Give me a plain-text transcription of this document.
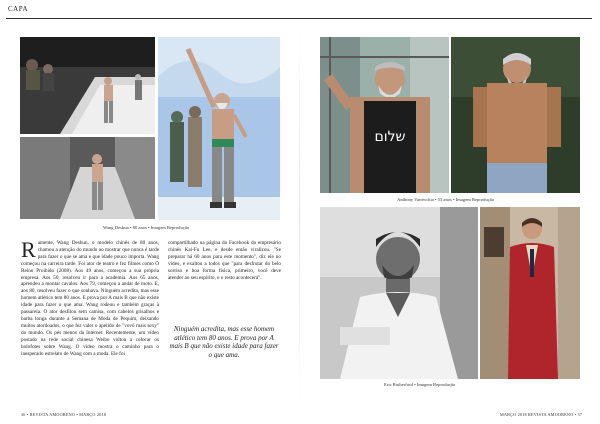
CAPA
Wang Deshun • 80 anos • Imagem Reprodução
R amente, Wang Deshun, o modelo chinês de 80 anos, chamou a atenção do mundo ao mostrar que nunca é tarde para fazer o que se ama e que idade pouco importa. Wang começou na carreira tarde. Foi ator de teatro e fez filmes como O Reino Proibido (2008). Aos 49 anos, começou a sua própria empresa. Aos 50, resolveu ir para a academia. Aos 65 anos, aprendeu a montar cavalos. Aos 79, começou a andar de moto. E, aos 80, resolveu fazer o que sonhava. Ninguém acredita, mas esse homem atlético tem 80 anos. E prova por A mais B que não existe idade para fazer o que ama. Wang rodeou e também graças à passarela. O ator desfilou sem camisa, com cabelos grisalhos e barba longa durante a Semana de Moda de Pequim, deixando muitos atordoados, o que fez valer o apelido de "vovô mais sexy" do mundo. Os pés menos da Internet. Recentemente, um vídeo postado na rede social chinesa Weibo voltou a colocar os holofotes sobre Wang. O vídeo mostra o caminho para o inesperado estrelato de Wang com a moda. Ele foi
compartilhado na página do Facebook do empresário chinês Kai-Fu Lee, e desde então viralizou. "Se preparar há 60 anos para este momento", diz ele no vídeo, e exaltou a todos que "para desfrutar do belo sorriso e boa forma física, primeiro, você deve atender ao seu espírito, e o resto acontecerá".
Ninguém acredita, mas esse homem atlético tem 80 anos. E prova por A mais B que não existe idade para fazer o que ama.
36 • REVISTA AMOORENO • MARÇO 2018
שלום
Anthony Varrecchia • 53 anos • Imagem Reprodução
Eric Rutherford • Imagem Reprodução
MARÇO 2018 REVISTA AMOORENO • 37
